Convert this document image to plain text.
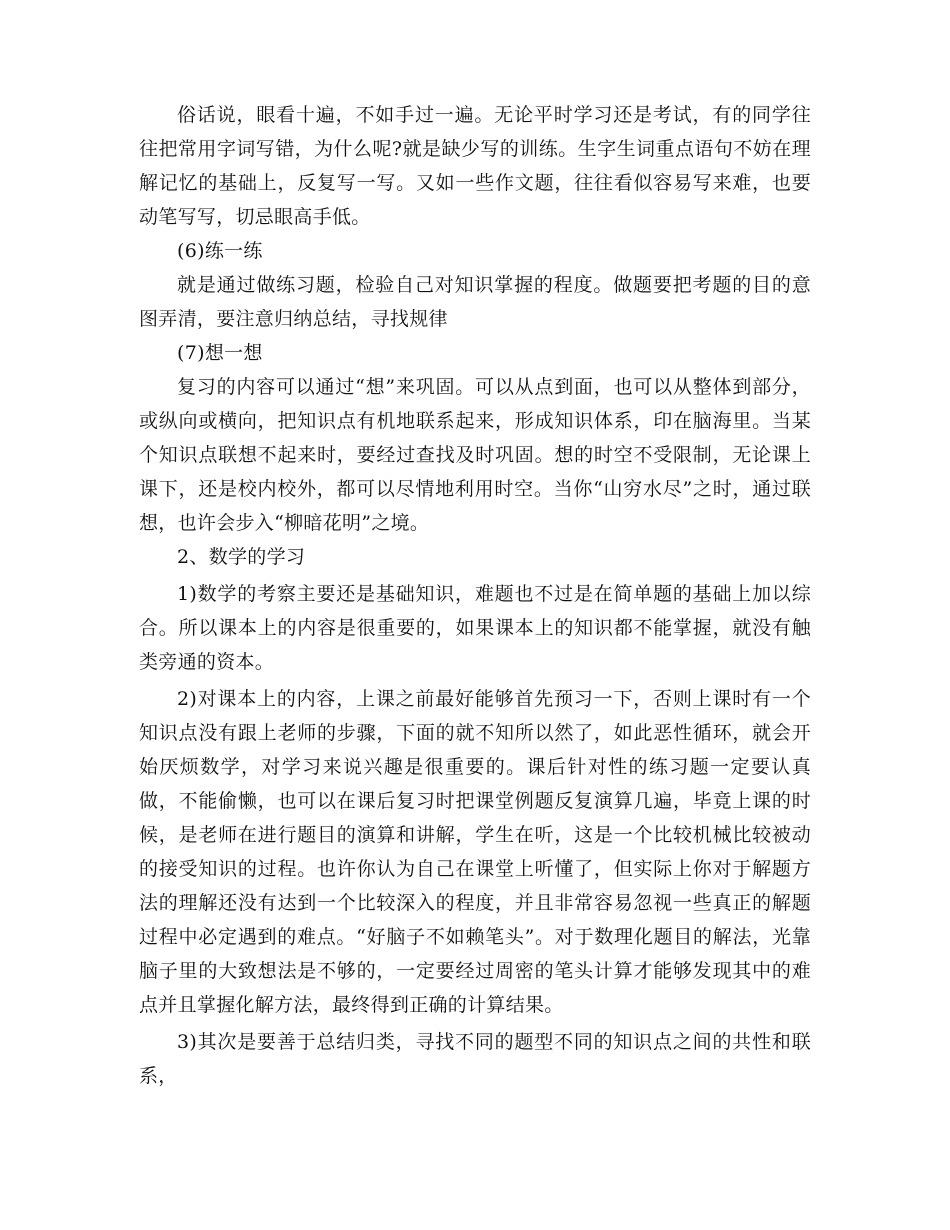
俗话说，眼看十遍，不如手过一遍。无论平时学习还是考试，有的同学往往把常用字词写错，为什么呢?就是缺少写的训练。生字生词重点语句不妨在理解记忆的基础上，反复写一写。又如一些作文题，往往看似容易写来难，也要动笔写写，切忌眼高手低。

(6)练一练

就是通过做练习题，检验自己对知识掌握的程度。做题要把考题的目的意图弄清，要注意归纳总结，寻找规律

(7)想一想

复习的内容可以通过“想”来巩固。可以从点到面，也可以从整体到部分，或纵向或横向，把知识点有机地联系起来，形成知识体系，印在脑海里。当某个知识点联想不起来时，要经过查找及时巩固。想的时空不受限制，无论课上课下，还是校内校外，都可以尽情地利用时空。当你“山穷水尽”之时，通过联想，也许会步入“柳暗花明”之境。

2、数学的学习

1)数学的考察主要还是基础知识，难题也不过是在简单题的基础上加以综合。所以课本上的内容是很重要的，如果课本上的知识都不能掌握，就没有触类旁通的资本。

2)对课本上的内容，上课之前最好能够首先预习一下，否则上课时有一个知识点没有跟上老师的步骤，下面的就不知所以然了，如此恶性循环，就会开始厌烦数学，对学习来说兴趣是很重要的。课后针对性的练习题一定要认真做，不能偷懒，也可以在课后复习时把课堂例题反复演算几遍，毕竟上课的时候，是老师在进行题目的演算和讲解，学生在听，这是一个比较机械比较被动的接受知识的过程。也许你认为自己在课堂上听懂了，但实际上你对于解题方法的理解还没有达到一个比较深入的程度，并且非常容易忽视一些真正的解题过程中必定遇到的难点。“好脑子不如赖笔头”。对于数理化题目的解法，光靠脑子里的大致想法是不够的，一定要经过周密的笔头计算才能够发现其中的难点并且掌握化解方法，最终得到正确的计算结果。

3)其次是要善于总结归类，寻找不同的题型不同的知识点之间的共性和联系，
